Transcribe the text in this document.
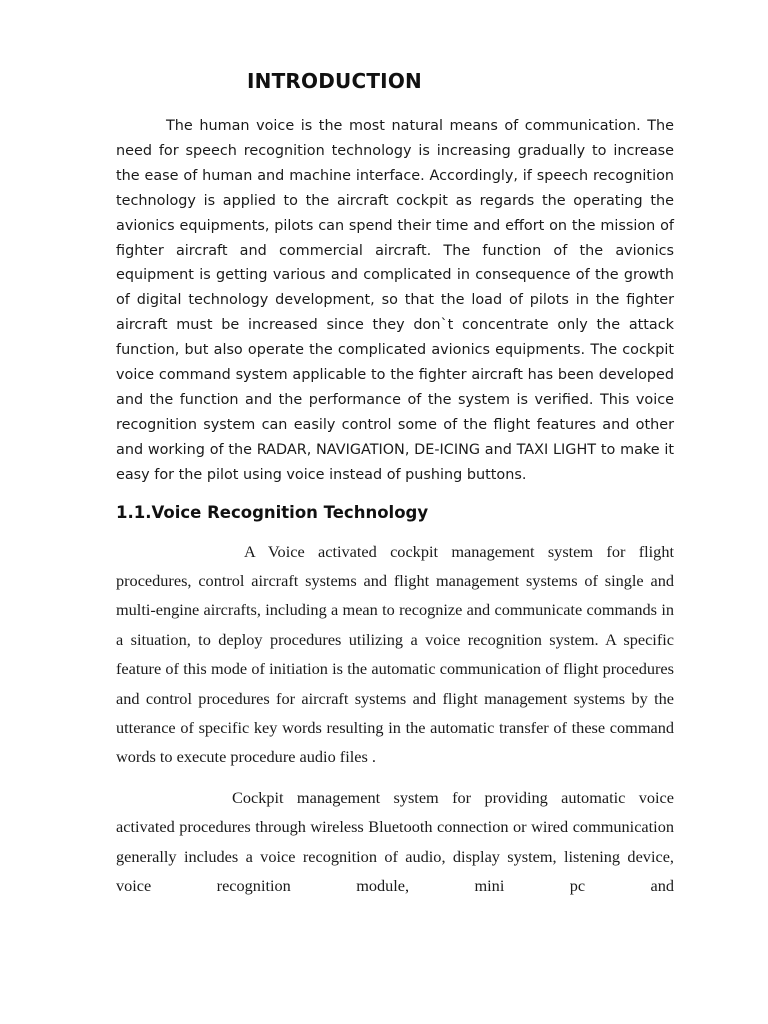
INTRODUCTION

The human voice is the most natural means of communication. The need for speech recognition technology is increasing gradually to increase the ease of human and machine interface. Accordingly, if speech recognition technology is applied to the aircraft cockpit as regards the operating the avionics equipments, pilots can spend their time and effort on the mission of fighter aircraft and commercial aircraft. The function of the avionics equipment is getting various and complicated in consequence of the growth of digital technology development, so that the load of pilots in the fighter aircraft must be increased since they don`t concentrate only the attack function, but also operate the complicated avionics equipments. The cockpit voice command system applicable to the fighter aircraft has been developed and the function and the performance of the system is verified. This voice recognition system can easily control some of the flight features and other and working of the RADAR, NAVIGATION, DE-ICING and TAXI LIGHT to make it easy for the pilot using voice instead of pushing buttons.

1.1.Voice Recognition Technology

A Voice activated cockpit management system for flight procedures, control aircraft systems and flight management systems of single and multi-engine aircrafts, including a mean to recognize and communicate commands in a situation, to deploy procedures utilizing a voice recognition system. A specific feature of this mode of initiation is the automatic communication of flight procedures and control procedures for aircraft systems and flight management systems by the utterance of specific key words resulting in the automatic transfer of these command words to execute procedure audio files .

Cockpit management system for providing automatic voice activated procedures through wireless Bluetooth connection or wired communication generally includes a voice recognition of audio, display system, listening device, voice recognition module, mini pc and
